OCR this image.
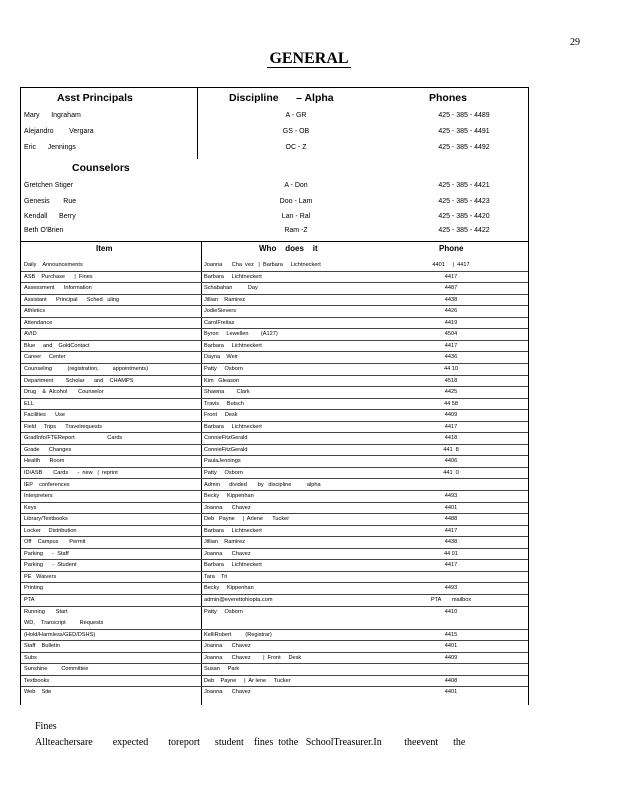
29
GENERAL
Asst Principals	Discipline      – Alpha	Phones
Mary      Ingraham	A - GR	425 - 385 - 4489
Alejandro        Vergara	GS - OB	425 - 385 - 4491
Eric      Jennings	OC - Z	425 - 385 - 4492
Counselors
Gretchen Stiger	A - Don	425 - 385 - 4421
Genesis       Rue	Doo - Lam	425 - 385 - 4423
Kendall      Berry	Lan - Ral	425 - 385 - 4420
Beth O'Brien	Ram -Z	425 - 385 - 4422
Item	Who    does    it	Phone
Daily    Announcements	Joanna      Cha  vez   |  Barbara     Lichtneckert	4401     |  4417
ASB    Purchase      |  Fines	Barbara     Lichtneckert	4417
Assessment      Information	Schabahan          Day	4487
Assistant      Principal      Sched   uling	Jillian    Ramirez	4438
Athletics	JodieSievers	4426
Attendance	CarolFreitas	4419
AVID	Byron     Lewellen        (A127)	4504
Blue     and    GoldContact	Barbara     Lichtneckert	4417
Career     Center	Dayna    Weir	4436
Counseling          (registration,         appointments)	Patty     Osborn	44 10
Department        Scholar      and    CHAMPS	Kim   Gleason	4518
Drug    &  Alcohol       Counselor	Shawna        Clark	4425
ELL	Travis     Butsch	44 58
Facilities      Use	Front     Desk	4409
Field     Trips      Travelrequests	Barbara     Lichtneckert	4417
GradInfo/FTEReport                     Cards	ConnieFitzGerald	4418
Grade      Changes	ConnieFitzGerald	441  8
Health      Room	PaulaJennings	4406
ID/ASB       Cards      -  new   |  reprint	Patty     Osborn	441  0
IEP    conferences	Admin      divided       by   discipline          alpha
Interpreters	Becky     Kippenhan	4493
Keys	Joanna      Chavez	4401
Library/Textbooks	Deb   Payne     |  Arlene      Tucker	4488
Locker     Distribution	Barbara     Lichtneckert	4417
Off    Campus       Permit	Jillian    Ramirez	4438
Parking      -  Staff	Joanna      Chavez	44 01
Parking      -  Student	Barbara     Lichtneckert	4417
PE   Waivers	Tara    Tri
Printing	Becky     Kippenhan	4493
PTA	admin@everettohiopta.com	PTA       mailbox
Running       Start	Patty     Osborn	4410
WD,    Transcript         Requests
(Hold/Harmless/GED/DSHS)	KelliRobert         (Registrar)	4415
Staff    Bulletin	Joanna      Chavez	4401
Subs	Joanna      Chavez        |  Front     Desk	4409
Sunshine         Committee	Susan     Park
Textbooks	Deb    Payne     |  Ar lene     Tucker	4408
Web    Site	Joanna      Chavez	4401
Fines
Allteachersare        expected        toreport      student    fines  tothe   SchoolTreasurer.In         theevent      the
